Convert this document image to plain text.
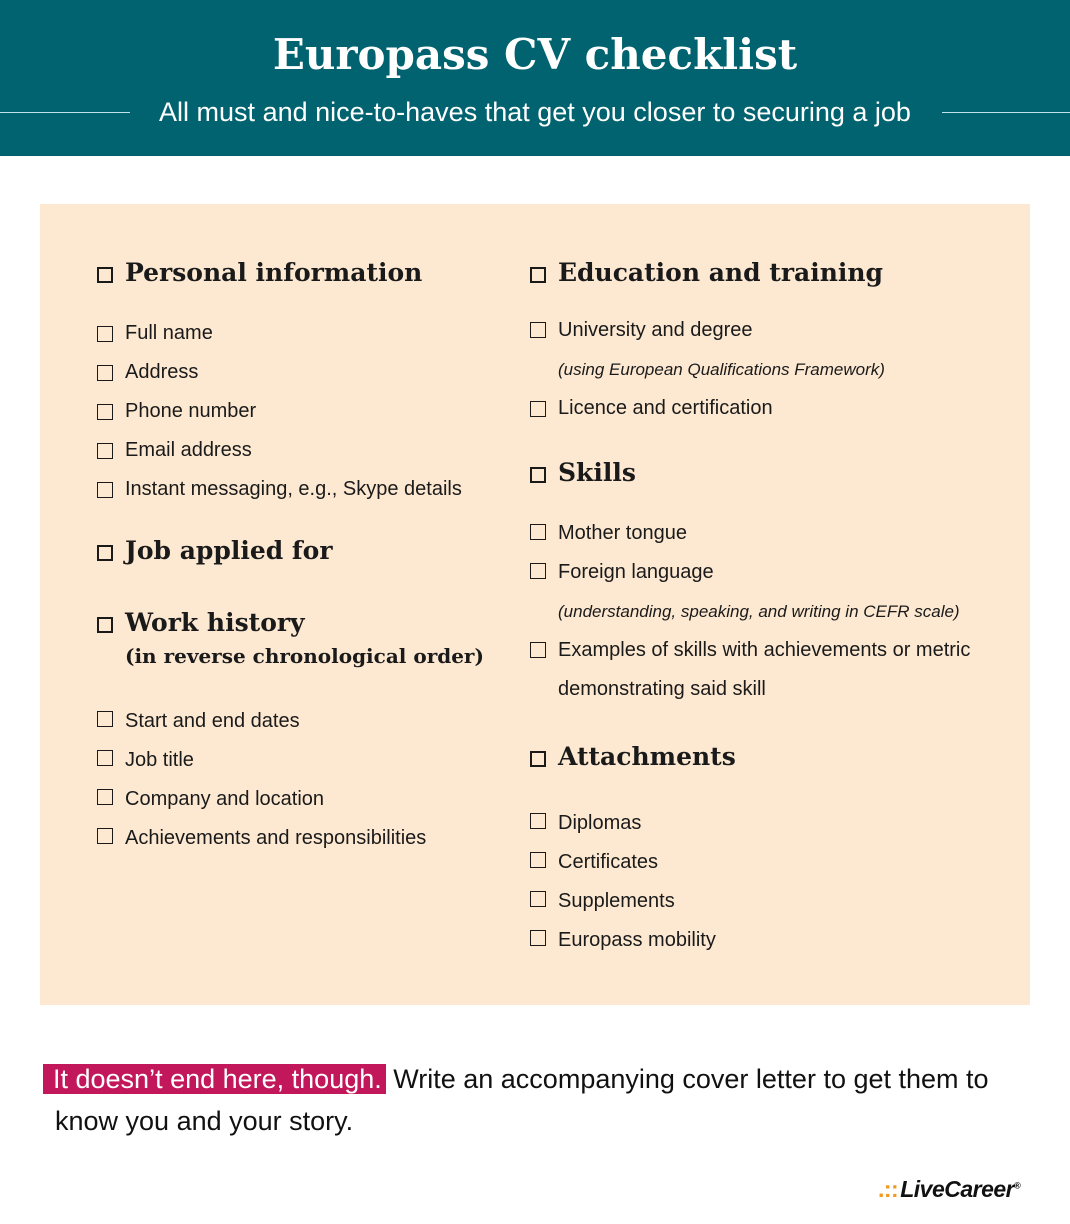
Europass CV checklist
All must and nice-to-haves that get you closer to securing a job
Personal information
Full name
Address
Phone number
Email address
Instant messaging, e.g., Skype details
Job applied for
Work history
(in reverse chronological order)
Start and end dates
Job title
Company and location
Achievements and responsibilities
Education and training
University and degree
(using European Qualifications Framework)
Licence and certification
Skills
Mother tongue
Foreign language
(understanding, speaking, and writing in CEFR scale)
Examples of skills with achievements or metric
demonstrating said skill
Attachments
Diplomas
Certificates
Supplements
Europass mobility
It doesn’t end here, though. Write an accompanying cover letter to get them to know you and your story.
.::LiveCareer®
